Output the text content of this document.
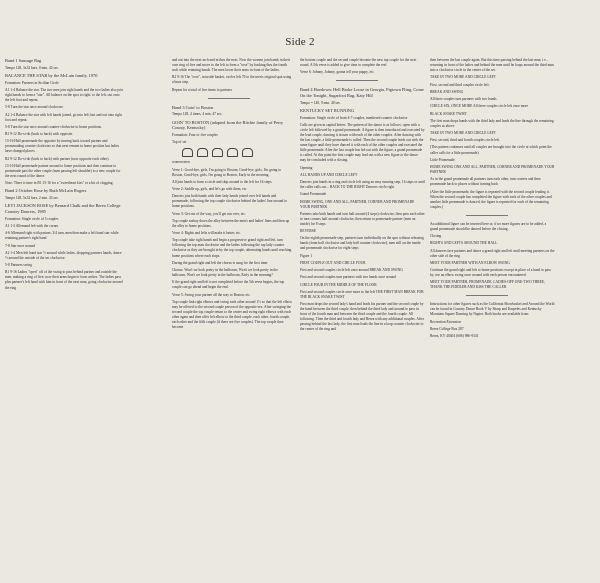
Side 2

Band 1 Sausage Rag

Tempo 128, 3x32 bars, 0 min. 42 sec.

BALANCE THE STAR by the McLain family, 1970

Formation: Partners in Sicilian Circle

A1 1-4 Balance the star. The two men join right hands and the two ladies also join right hands to form a "star". All balance on the spot to right, to the left, out onto the left foot and repeat.

5-8 Turn the star once around clockwise.

A2 1-4 Balance the star with left hands joined, go into left foot and out onto right foot and repeat.

5-8 Turn the star once around counter-clockwise to home positions.

B1 9-12 Do-si-do (back to back) with opposite.

13-16 Half promenade the opposite by turning back toward partner and promenading counter clockwise so that next remain in home position but ladies have changed places.

B2 9-12 Do-si-do (back to back) with partner (now opposite each other).

13-16 Half promenade partner around to home positions and then continue to promenade past the other couple (men passing left shoulder) to a new couple for the next round of the dance.

Note: There is time in B1 15-16 for a "sweetheart kiss" or a bit of clogging.

Band 2 October Rose by Ruth McLain Rogers

Tempo 128, 5x32 bars, 2 min. 43 sec.

LEVI JACKSON ROSE by Bernard Chalk and the Berea College Country Dancers, 1985

Formation: Single circle of 5 couples

A1 1-3 Allemand left with the corner

4-6 Allemand right with partner, 3/4 turn, men then make a left hand star while retaining partner's right hand

7-8 Star once around

A2 1-4 Men left hand star ½ around while ladies, dropping partners hands, dance ½ around the outside of the set clockwise.

5-8 Partners swing

B1 9-16 Ladies "open" off of the swing to pass behind partner and outside the men, making a ring of five; now their arms begin to form arches. The ladies pass plus partner's left hand with him in front of the next man, going clockwise around the ring

and out into the next arch and in thru the next. Now the women join hands in their own ring of five and move to the left to form a "rose" by backing thru the fourth arch while retaining hands. The men lower their arms in front of the ladies.

B2 9-16 The "rose", in inside basket, circles left 70 to the men's original spot using a buzz step.

Repeat for a total of five times to partners

Band 3 Goin' to Boston

Tempo 128, 4 times, 4 min. 47 sec.

GOIN' TO BOSTON (adapted from the Ritchie family of Perry County, Kentucky)

Formation: Four or five couples

Top of set

women men

Verse 1: Good-bye, girls, I'm going to Boston, Good-bye, girls, I'm going to Boston, Good-bye, girls, I'm going to Boston, Early in the morning.

All join hands to form a circle and skip around to the left for 16 steps.

Verse 2: Saddle up, girls, and let's go with them, etc.

Dancers join both hands with their lady hands joined over left hands and promenade, following the top couple clockwise behind the ladies' line around to home positions.

Verse 3: Get out of the way, you'll get run over, etc.

Top couple sashay down the alley between the men's and ladies' lines and then up the alley to home positions.

Verse 4: Rights and lefts will make it better, etc.

Top couple take right hands and begin a progressive grand right and left, turn following the top man clockwise and the ladies following the top lady counter clockwise as they are brought in by the top couple, alternating hands until reaching home positions where each stops.

During the grand right and left the chorus is sung for the first time:

Chorus: Won't we look pretty in the ballroom, Won't we look pretty in the ballroom, Won't we look pretty in the ballroom, Early in the morning?

If the grand right and left is not completed before the 5th verse begins, the top couple can go ahead and begin the end.

Verse 5: Swing your partner all the way to Boston, etc.

Top couple link right elbows and swing each other around 1½ so that the left elbow may be offered to the second couple person of the opposite sex. After swinging the second couple the top couple return to the center and swing right elbows with each other again and then offer left elbow to the third couple, each other, fourth couple, each other and the fifth couple (if there are five couples). The top couple then become

the bottom couple and the second couple become the new top couple for the next round. A 5th verse is added to give time to complete the reel

Verse 6: Johnny, Johnny, gonna tell your pappy, etc.

Band 4 Hoedown: Hell Broke Loose in Georgia, Pigtown Fling, Come On the Tonight, Sugarfoot Rag, Katy Hill

Tempo = 140, 9 min. 40 sec.

KENTUCKY SET RUNNING

Formation: Single circle of from 4-7 couples, numbered counter clockwise

Calls are given in capital letters. The pattern of the dance is as follows: open with a circle left followed by a grand promenade. A figure is then introduced and executed by the lead couple, dancing it in turn with each of the other couples. After dancing with the last couple, a little promenade is called. Then the second couple leads out with the same figure until they have danced it with each of the other couples and executed the little promenade. After the last couple has led out with the figure, a grand promenade is called. At this point the first couple may lead out with a new figure or the dance may be concluded with a closing.

Opening

ALL HANDS UP AND CIRCLE LEFT

Dancers join hands in a ring and circle left using an easy running step, 16 steps or until the caller calls out... BACK TO THE RIGHT Dancers circle right

Grand Promenade

HOME SWING, ONE AND ALL, PARTNER, CORNER AND PROMENADE YOUR PARTNER

Partners take both hands and turn half around (4 steps) clockwise, then pass each other to turn corners half around clockwise, then return to promenade partner (men on inside) for 8 steps

REVERSE

On the eighth promenade step, partners turn individually on the spot without releasing hands (from half clockwise and lady half counter clockwise), men still on the inside and promenade clockwise for eight steps

Figure 1

FIRST COUPLE OUT AND CIRCLE FOUR

First and second couples circle left once around BREAK AND SWING

First and second couples turn partners with two hands once around

CIRCLE FOUR IN THE MIDDLE OF THE FLOOR

First and second couples circle once more to the left THE FIRST MAN BREAK FOR THE BLACK SNAKE TWIST

First man drops the second lady's hand and leads his partner and the second couple by the hand between the third couple, then behind the third lady and around to pass in front of the fourth man and between the third couple and the fourth couple. All following. Then the third and fourth lady and Berea with any additional couples. After passing behind the last lady, the first man leads the line in a loop counter clockwise to the center of the ring and

then between the last couple again. But this time passing behind the last man, i.e., returning in front of the ladies and behind the men until he loops around the third man into a clockwise circle in the center of the set.

TAKE IN TWO MORE AND CIRCLE LEFT

First, second and third couples circle left.

BREAK AND SWING

All three couples turn partners with two hands

CIRCLE SIX, ONCE MORE All three couples circle left once more

BLACK SNAKE TWIST

The first man drops hands with the third lady and leads the line through the remaining couples as above

TAKE IN TWO MORE AND CIRCLE LEFT

First, second, third and fourth couples circle left.

(This pattern continues until all couples are brought into the circle at which point the caller calls for a little promenade)

Little Promenade

HOME SWING ONE AND ALL, PARTNER, CORNER AND PROMENADE YOUR PARTNER

As in the grand promenade all partners turn each other, turn corners and then promenade back to places without turning back

(After the little promenade, the figure is repeated with the second couple leading it. When the second couple has completed the figure with each of the other couples and another little promenade is danced, the figure is repeated for each of the remaining couples.)

An additional figure can be inserted here or, if no more figures are to be added, a grand promenade should be danced before the closing.

Closing

RIGHTS AND LEFTS AROUND THE HALL

All dancers face partners and dance a grand right and left until meeting partners on the other side of the ring

MEET YOUR PARTNER WITH AN ELBOW SWING

Continue the grand right and left to home positions except in place of a hand to pass by, use an elbow swing once around with each person encountered.

MEET YOUR PARTNER, PROMENADE, LADIES-OFF ONE-TWO THREE, THANK THE FIDDLER AND KISS THE CALLER

Instructions for other figures such as the California Showbasket and Around the World can be found in Country Dance Book V by Sharp and Karpeles and Kentucky Mountain Square Dancing by Napier. Both books are available from:

Recreation Extension

Berea College Box 287

Berea, KY 40404 (606) 986-9341
